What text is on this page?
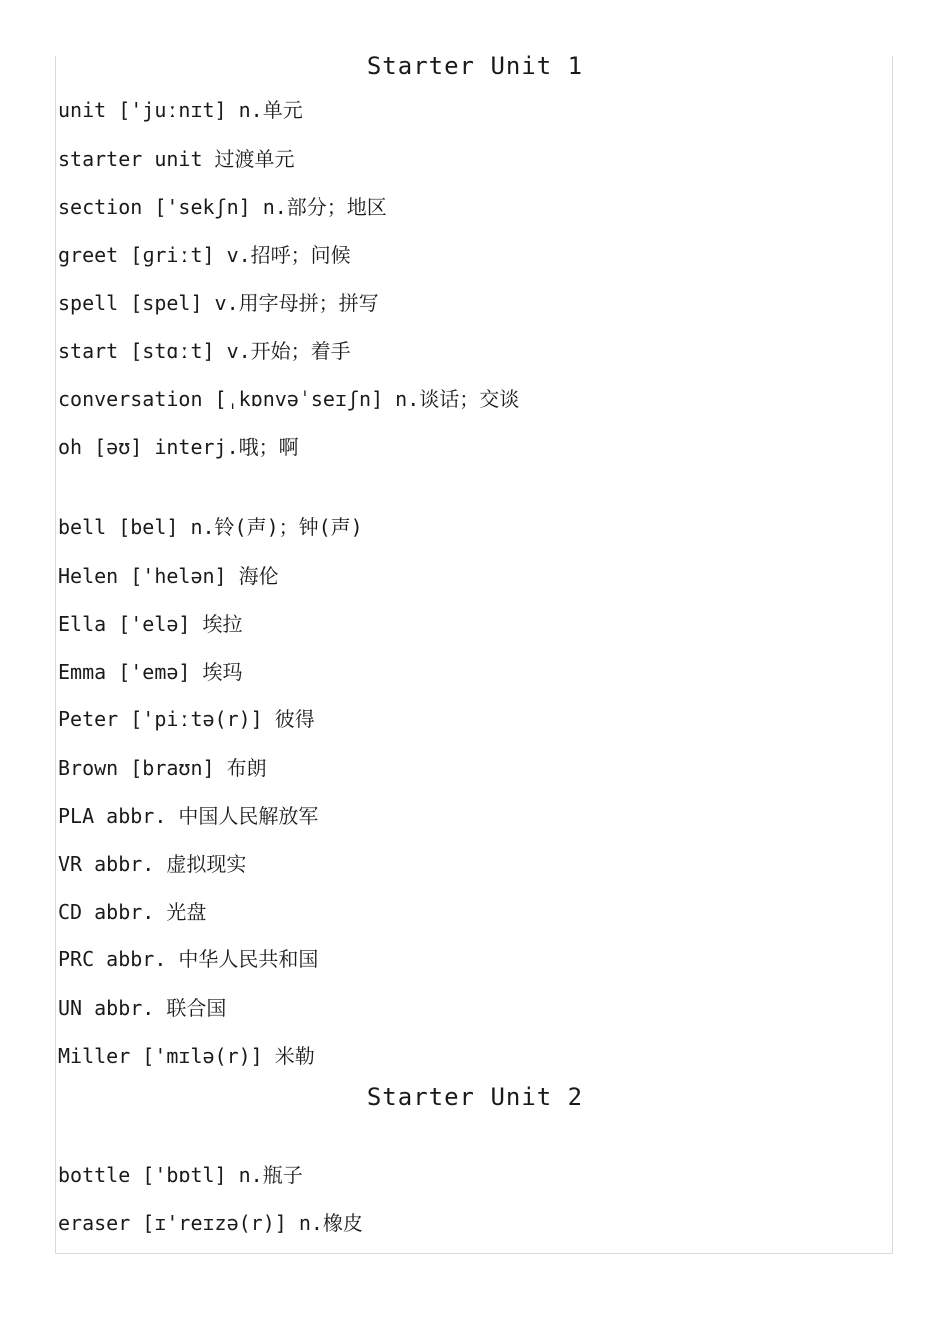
Starter Unit 1

unit ['juːnɪt] n.单元

starter unit 过渡单元

section ['sekʃn] n.部分；地区

greet [ɡriːt] v.招呼；问候

spell [spel] v.用字母拼；拼写

start [stɑːt] v.开始；着手

conversation [ˌkɒnvəˈseɪʃn] n.谈话；交谈

oh [əʊ] interj.哦；啊

bell [bel] n.铃(声)；钟(声)

Helen ['helən] 海伦

Ella ['elə] 埃拉

Emma ['emə] 埃玛

Peter ['piːtə(r)] 彼得

Brown [braʊn] 布朗

PLA abbr. 中国人民解放军

VR abbr. 虚拟现实

CD abbr. 光盘

PRC abbr. 中华人民共和国

UN abbr. 联合国

Miller ['mɪlə(r)] 米勒

Starter Unit 2

bottle ['bɒtl] n.瓶子

eraser [ɪ'reɪzə(r)] n.橡皮
